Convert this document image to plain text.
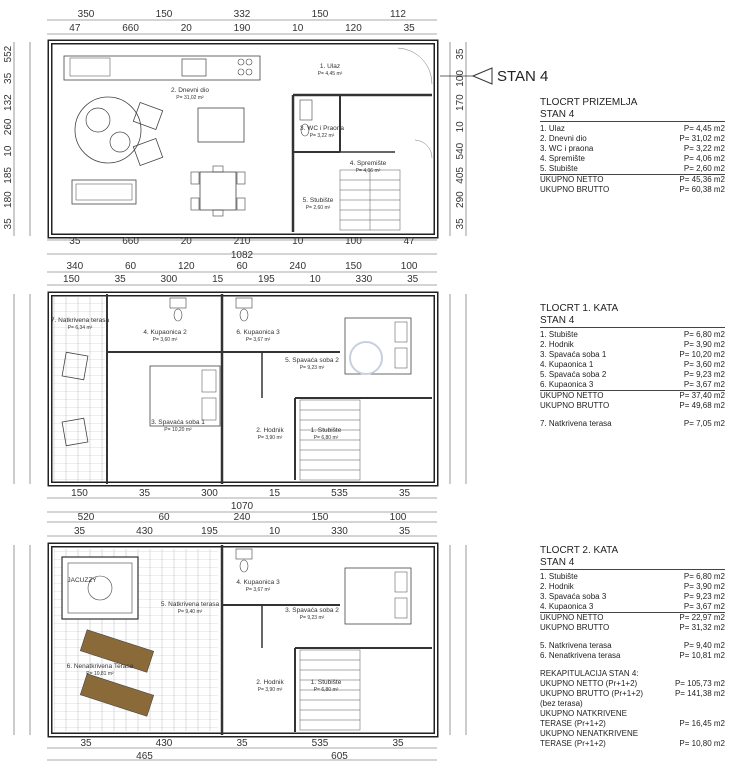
350	150	332	150	112
47	660	20	190	10	120	35
35	660	20	210	10	100	47
1082
552
35
132
260
10
185
180
35
35
100
170
10
540
405
290
35
340	60	120	60	240	150	100
150	35	300	15	195	10	330	35
150	35	300	15	535	35
1070
520	60	240	150	100
35	430	195	10	330	35
35	430	35	535	35
465	605
1. Ulaz
P= 4,45 m²
2. Dnevni dio
P= 31,02 m²
3. WC i Praona
P= 3,22 m²
4. Spremište
P= 4,06 m²
5. Stubište
P= 2,60 m²
7. Natkrivena terasa
P= 6,34 m²
4. Kupaonica 2
P= 3,60 m²
6. Kupaonica 3
P= 3,67 m²
5. Spavaća soba 2
P= 9,23 m²
3. Spavaća soba 1
P= 10,20 m²	2. Hodnik
P= 3,90 m²
1. Stubište
P= 6,80 m²
JACUZZY	4. Kupaonica 3
P= 3,67 m²
3. Spavaća soba 2
P= 9,23 m²
5. Natkrivena terasa
P= 9,40 m²
6. Nenatkrivena Terasa
P= 10,81 m²
2. Hodnik
P= 3,90 m²
1. Stubište
P= 6,80 m²
STAN 4
TLOCRT PRIZEMLJA
STAN 4
1. Ulaz	P= 4,45 m2
2. Dnevni dio	P= 31,02 m2
3. WC i praona	P= 3,22 m2
4. Spremište	P= 4,06 m2
5. Stubište	P= 2,60 m2
UKUPNO NETTO	P= 45,36 m2
UKUPNO BRUTTO	P= 60,38 m2
TLOCRT 1. KATA
STAN 4
1. Stubište	P= 6,80 m2
2. Hodnik	P= 3,90 m2
3. Spavaća soba 1	P= 10,20 m2
4. Kupaonica 1	P= 3,60 m2
5. Spavaća soba 2	P= 9,23 m2
6. Kupaonica 3	P= 3,67 m2
UKUPNO NETTO	P= 37,40 m2
UKUPNO BRUTTO	P= 49,68 m2
7. Natkrivena terasa	P= 7,05 m2
TLOCRT 2. KATA
STAN 4
1. Stubište	P= 6,80 m2
2. Hodnik	P= 3,90 m2
3. Spavaća soba 3	P= 9,23 m2
4. Kupaonica 3	P= 3,67 m2
UKUPNO NETTO	P= 22,97 m2
UKUPNO BRUTTO	P= 31,32 m2
5. Natkrivena terasa	P= 9,40 m2
6. Nenatkrivena terasa	P= 10,81 m2
REKAPITULACIJA STAN 4:
UKUPNO NETTO (Pr+1+2)	P= 105,73 m2
UKUPNO BRUTTO (Pr+1+2)	P= 141,38 m2
(bez terasa)
UKUPNO NATKRIVENE
TERASE (Pr+1+2)	P= 16,45 m2
UKUPNO NENATKRIVENE
TERASE (Pr+1+2)	P= 10,80 m2
